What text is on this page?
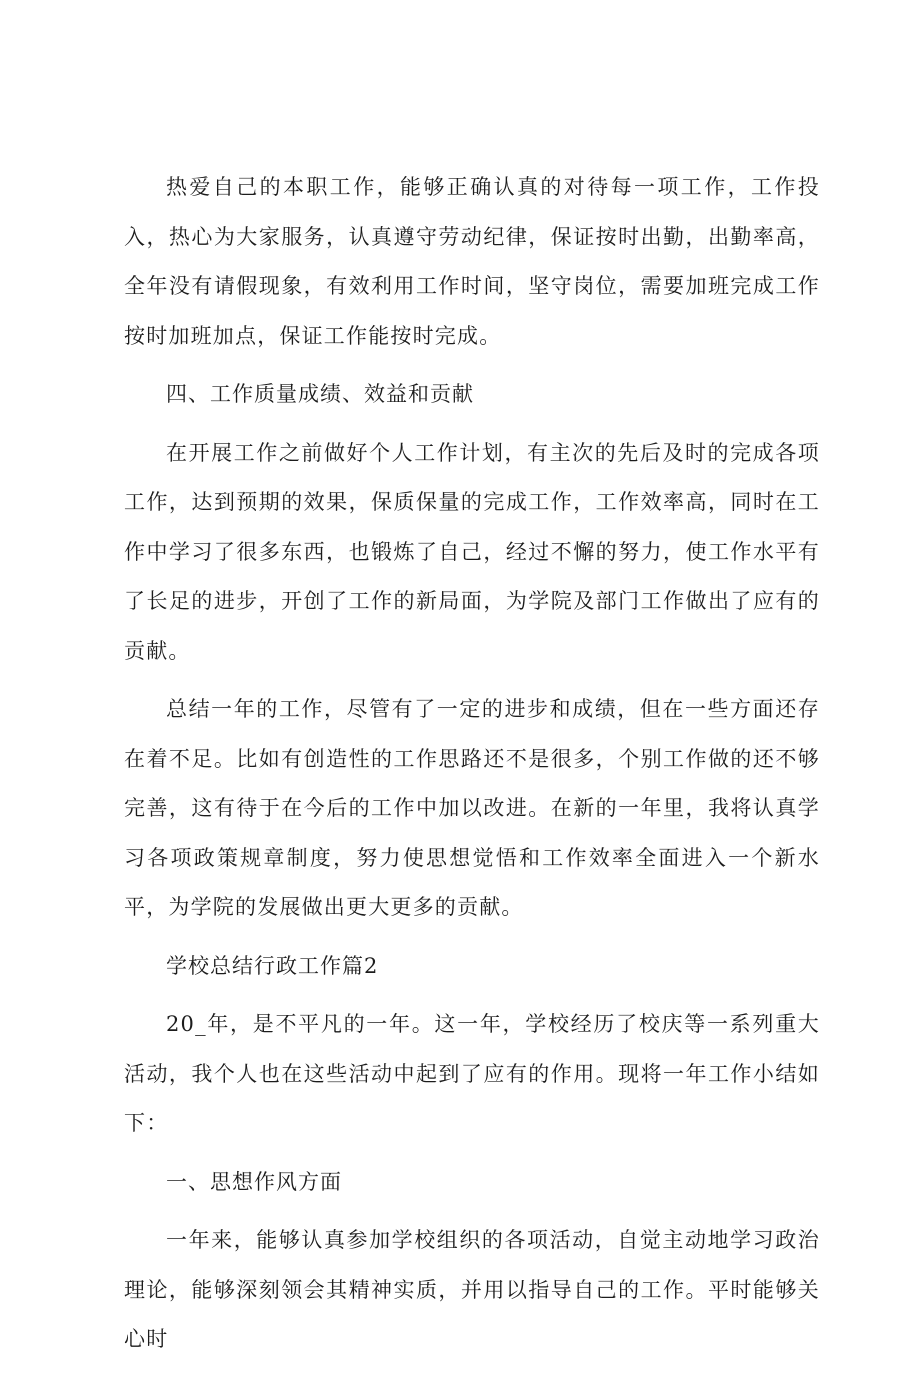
热爱自己的本职工作，能够正确认真的对待每一项工作，工作投入，热心为大家服务，认真遵守劳动纪律，保证按时出勤，出勤率高，全年没有请假现象，有效利用工作时间，坚守岗位，需要加班完成工作按时加班加点，保证工作能按时完成。

四、工作质量成绩、效益和贡献

在开展工作之前做好个人工作计划，有主次的先后及时的完成各项工作，达到预期的效果，保质保量的完成工作，工作效率高，同时在工作中学习了很多东西，也锻炼了自己，经过不懈的努力，使工作水平有了长足的进步，开创了工作的新局面，为学院及部门工作做出了应有的贡献。

总结一年的工作，尽管有了一定的进步和成绩，但在一些方面还存在着不足。比如有创造性的工作思路还不是很多，个别工作做的还不够完善，这有待于在今后的工作中加以改进。在新的一年里，我将认真学习各项政策规章制度，努力使思想觉悟和工作效率全面进入一个新水平，为学院的发展做出更大更多的贡献。

学校总结行政工作篇2

20_年，是不平凡的一年。这一年，学校经历了校庆等一系列重大活动，我个人也在这些活动中起到了应有的作用。现将一年工作小结如下：

一、思想作风方面

一年来，能够认真参加学校组织的各项活动，自觉主动地学习政治理论，能够深刻领会其精神实质，并用以指导自己的工作。平时能够关心时
